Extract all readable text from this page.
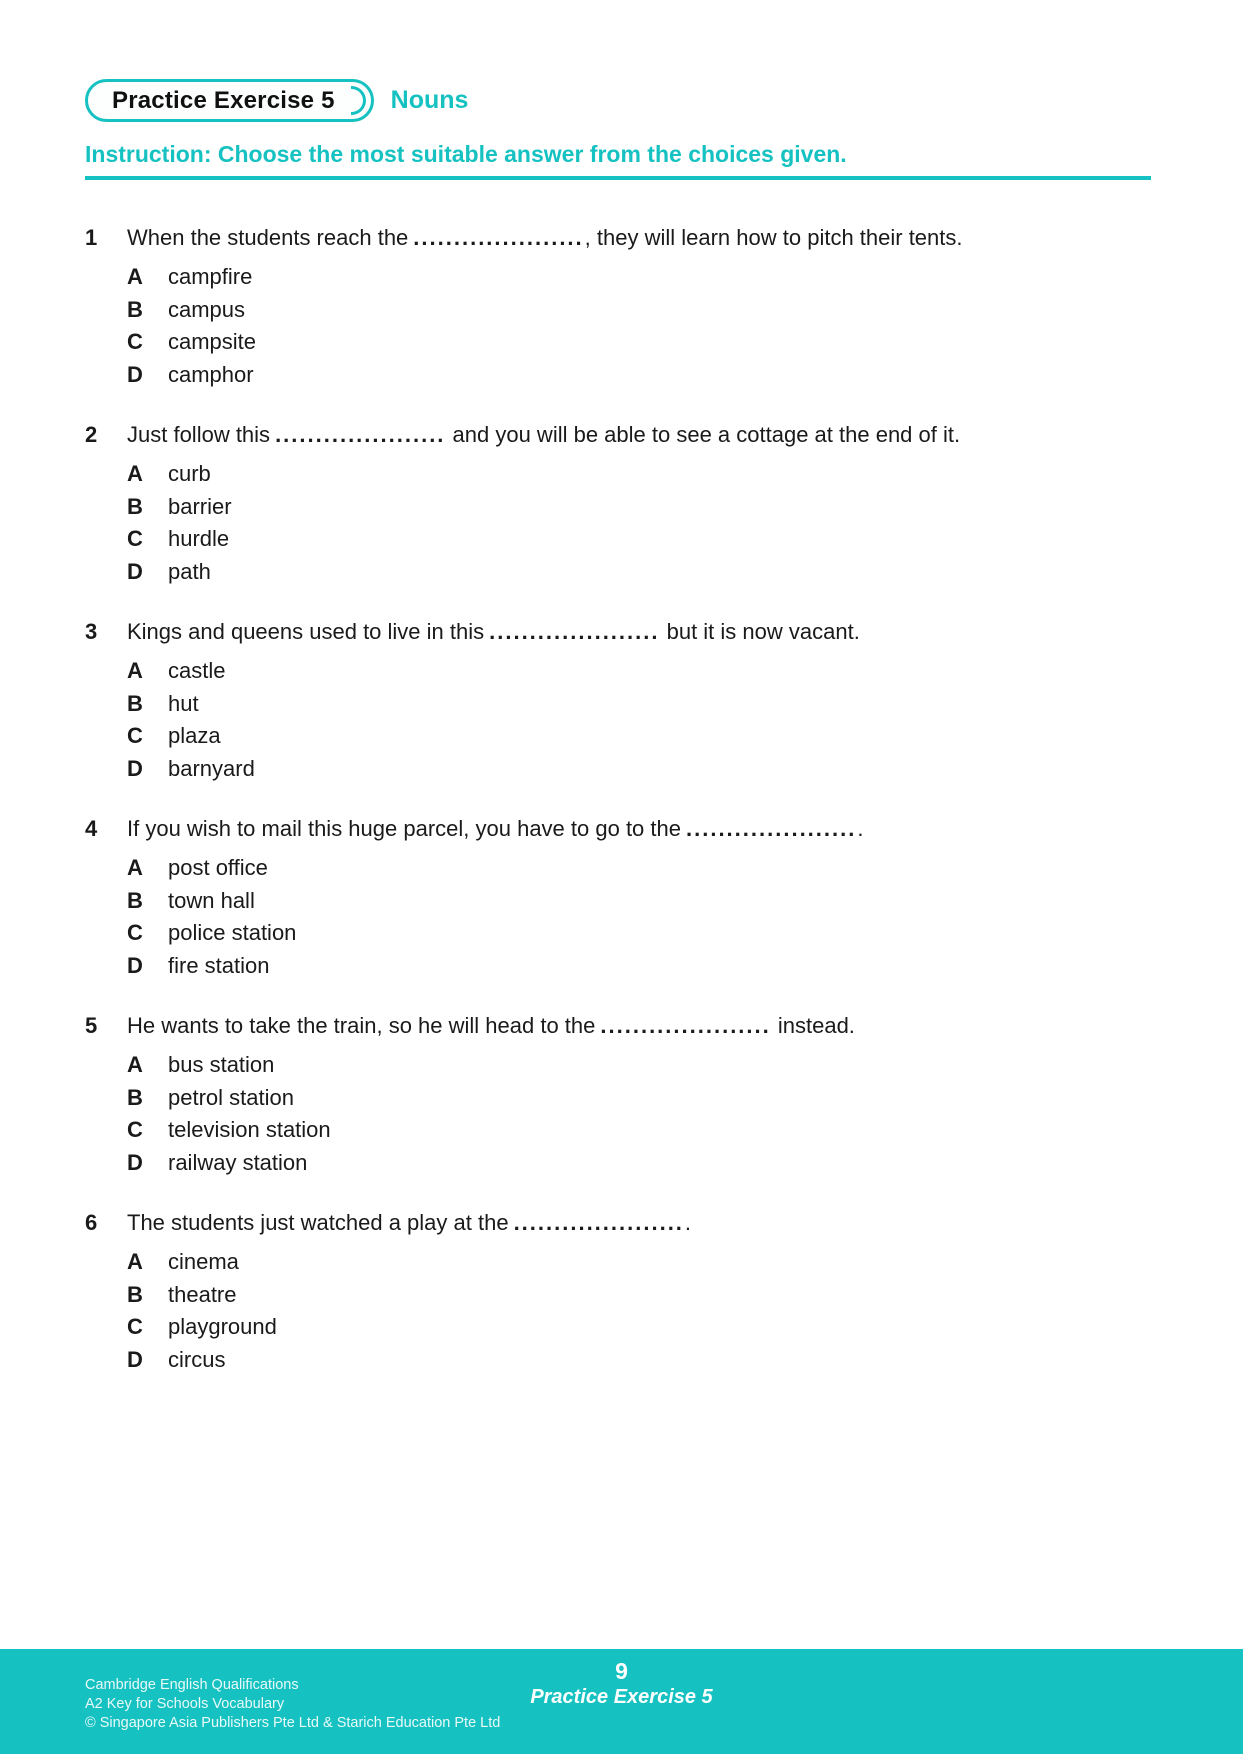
Practice Exercise 5 Nouns
Instruction: Choose the most suitable answer from the choices given.
1	When the students reach the ....................., they will learn how to pitch their tents.
A	campfire
B	campus
C	campsite
D	camphor
2	Just follow this ..................... and you will be able to see a cottage at the end of it.
A	curb
B	barrier
C	hurdle
D	path
3	Kings and queens used to live in this ..................... but it is now vacant.
A	castle
B	hut
C	plaza
D	barnyard
4	If you wish to mail this huge parcel, you have to go to the ......................
A	post office
B	town hall
C	police station
D	fire station
5	He wants to take the train, so he will head to the ..................... instead.
A	bus station
B	petrol station
C	television station
D	railway station
6	The students just watched a play at the ......................
A	cinema
B	theatre
C	playground
D	circus
Cambridge English Qualifications
A2 Key for Schools Vocabulary
© Singapore Asia Publishers Pte Ltd & Starich Education Pte Ltd
9
Practice Exercise 5
